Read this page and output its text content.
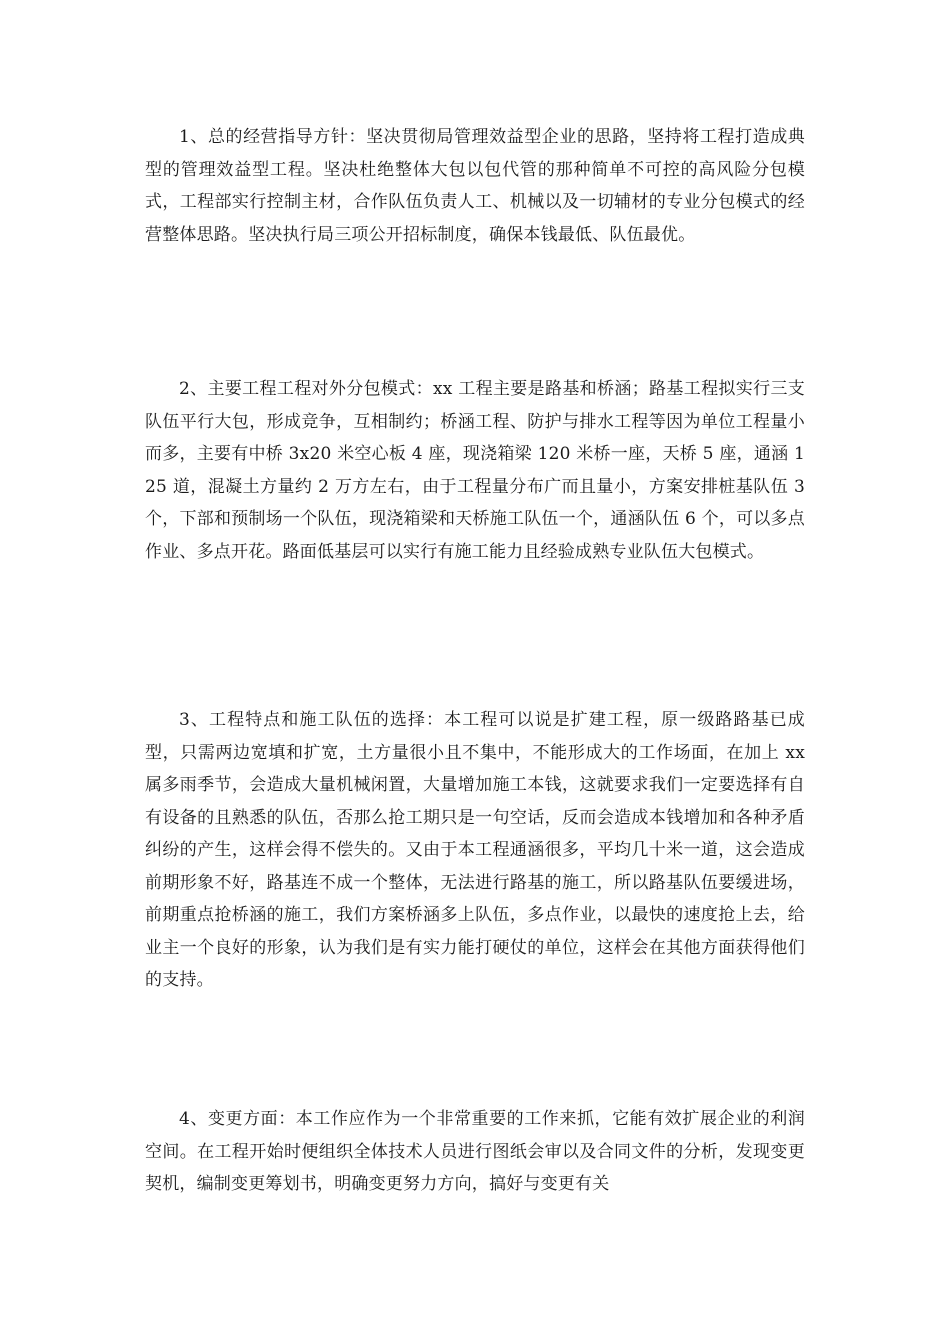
1、总的经营指导方针：坚决贯彻局管理效益型企业的思路，坚持将工程打造成典型的管理效益型工程。坚决杜绝整体大包以包代管的那种简单不可控的高风险分包模式，工程部实行控制主材，合作队伍负责人工、机械以及一切辅材的专业分包模式的经营整体思路。坚决执行局三项公开招标制度，确保本钱最低、队伍最优。

2、主要工程工程对外分包模式：xx 工程主要是路基和桥涵；路基工程拟实行三支队伍平行大包，形成竞争，互相制约；桥涵工程、防护与排水工程等因为单位工程量小而多，主要有中桥 3x20 米空心板 4 座，现浇箱梁 120 米桥一座，天桥 5 座，通涵 125 道，混凝土方量约 2 万方左右，由于工程量分布广而且量小，方案安排桩基队伍 3 个，下部和预制场一个队伍，现浇箱梁和天桥施工队伍一个，通涵队伍 6 个，可以多点作业、多点开花。路面低基层可以实行有施工能力且经验成熟专业队伍大包模式。

3、工程特点和施工队伍的选择：本工程可以说是扩建工程，原一级路路基已成型，只需两边宽填和扩宽，土方量很小且不集中，不能形成大的工作场面，在加上 xx 属多雨季节，会造成大量机械闲置，大量增加施工本钱，这就要求我们一定要选择有自有设备的且熟悉的队伍，否那么抢工期只是一句空话，反而会造成本钱增加和各种矛盾纠纷的产生，这样会得不偿失的。又由于本工程通涵很多，平均几十米一道，这会造成前期形象不好，路基连不成一个整体，无法进行路基的施工，所以路基队伍要缓进场，前期重点抢桥涵的施工，我们方案桥涵多上队伍，多点作业，以最快的速度抢上去，给业主一个良好的形象，认为我们是有实力能打硬仗的单位，这样会在其他方面获得他们的支持。

4、变更方面：本工作应作为一个非常重要的工作来抓，它能有效扩展企业的利润空间。在工程开始时便组织全体技术人员进行图纸会审以及合同文件的分析，发现变更契机，编制变更筹划书，明确变更努力方向，搞好与变更有关
